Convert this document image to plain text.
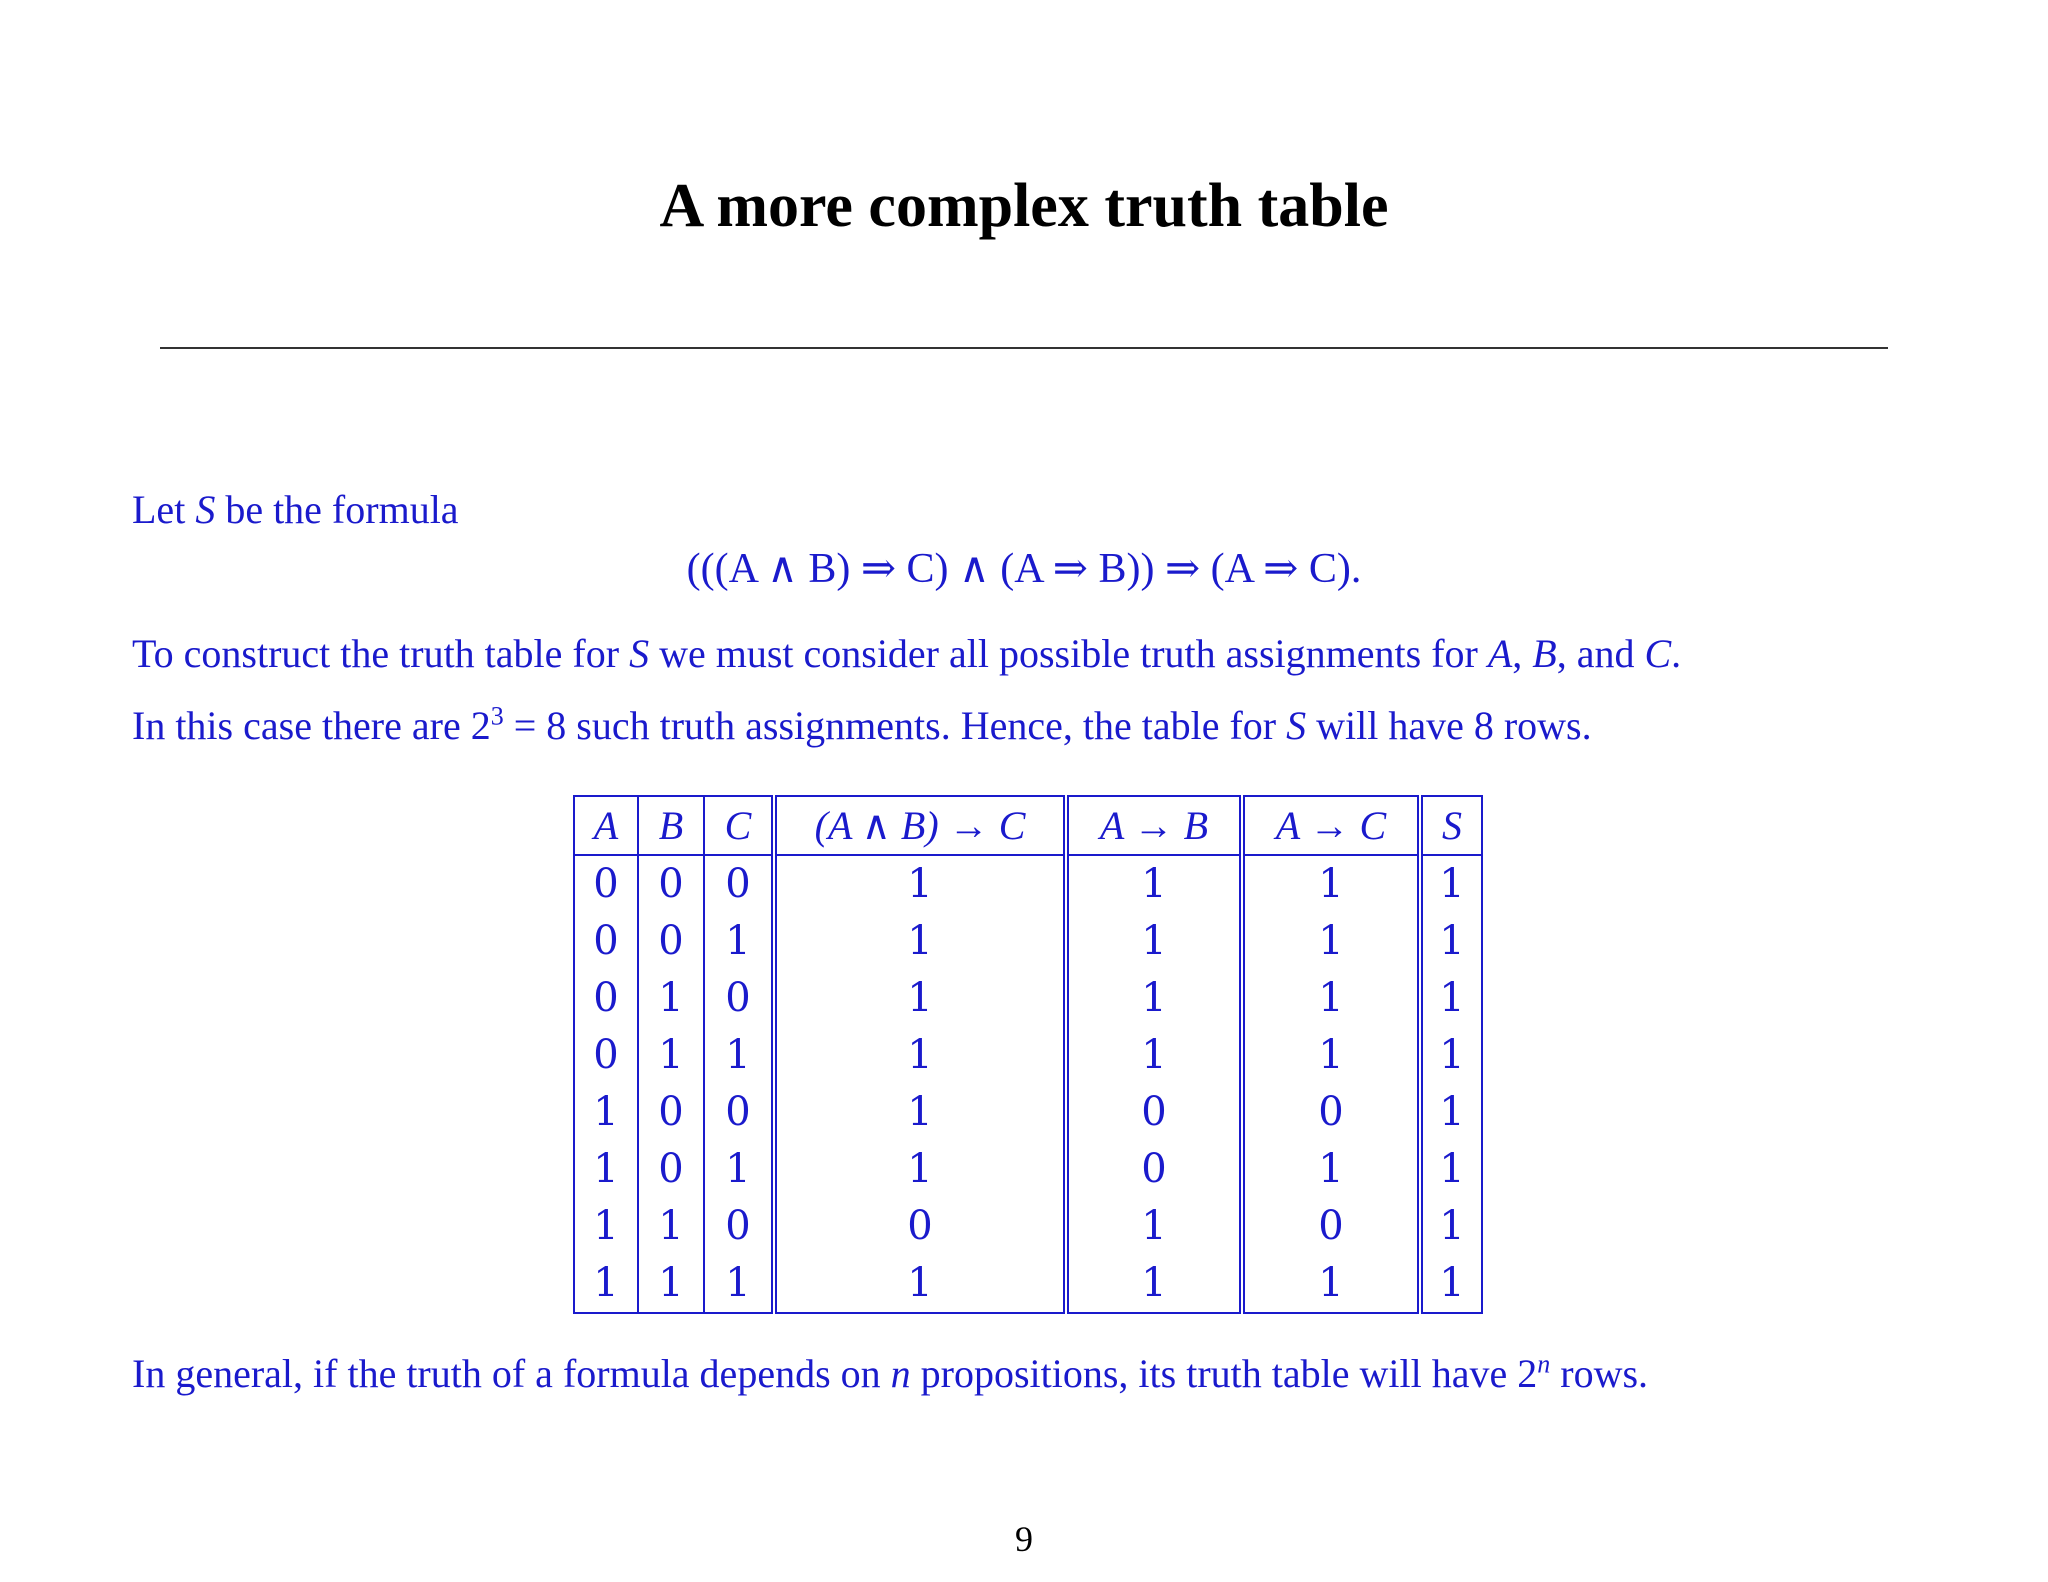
A more complex truth table
Let S be the formula
(((A ∧ B) ⇒ C) ∧ (A ⇒ B)) ⇒ (A ⇒ C).
To construct the truth table for S we must consider all possible truth assignments for A, B, and C.
In this case there are $2^3 = 8$ such truth assignments. Hence, the table for S will have 8 rows.
A	B	C	(A ∧ B) → C	A → B	A → C	S
0	0	0	1	1	1	1
0	0	1	1	1	1	1
0	1	0	1	1	1	1
0	1	1	1	1	1	1
1	0	0	1	0	0	1
1	0	1	1	0	1	1
1	1	0	0	1	0	1
1	1	1	1	1	1	1
In general, if the truth of a formula depends on n propositions, its truth table will have 2$^n$ rows.
9
